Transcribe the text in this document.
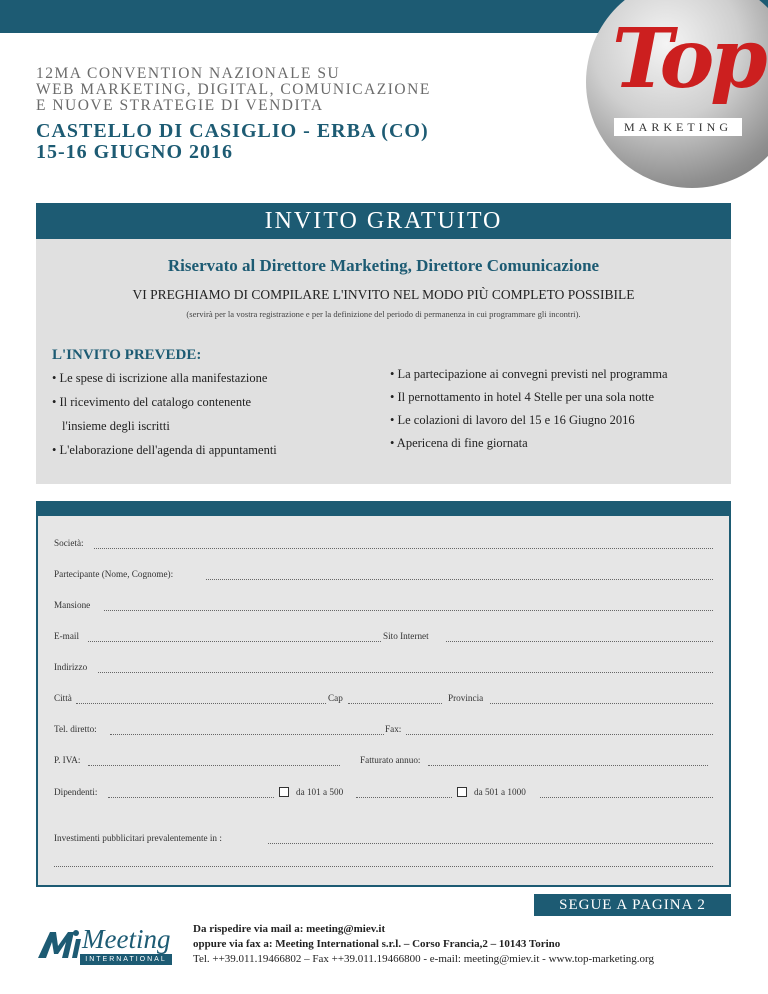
Top
MARKETING
12MA CONVENTION NAZIONALE SU
WEB MARKETING, DIGITAL, COMUNICAZIONE
E NUOVE STRATEGIE DI VENDITA
CASTELLO DI CASIGLIO - ERBA (CO)
15-16 GIUGNO 2016
INVITO GRATUITO
Riservato al Direttore Marketing, Direttore Comunicazione
VI PREGHIAMO DI COMPILARE L'INVITO NEL MODO PIÙ COMPLETO POSSIBILE
(servirà per la vostra registrazione e per la definizione del periodo di permanenza in cui programmare gli incontri).
L'INVITO PREVEDE:
• Le spese di iscrizione alla manifestazione
• Il ricevimento del catalogo contenente
l'insieme degli iscritti
• L'elaborazione dell'agenda di appuntamenti
• La partecipazione ai convegni previsti nel programma
• Il pernottamento in hotel 4 Stelle per una sola notte
• Le colazioni di lavoro del 15 e 16 Giugno 2016
• Apericena di fine giornata
Società:
Partecipante (Nome, Cognome):
Mansione
E-mail	Sito Internet
Indirizzo
Città	Cap	Provincia
Tel. diretto:	Fax:
P. IVA:	Fatturato annuo:
Dipendenti:	da 101 a 500	da 501 a 1000
Investimenti pubblicitari prevalentemente in :
SEGUE A PAGINA 2
Meeting
INTERNATIONAL
Da rispedire via mail a: meeting@miev.it
oppure via fax a: Meeting International s.r.l. – Corso Francia,2 – 10143 Torino
Tel. ++39.011.19466802 – Fax ++39.011.19466800 - e-mail: meeting@miev.it - www.top-marketing.org
